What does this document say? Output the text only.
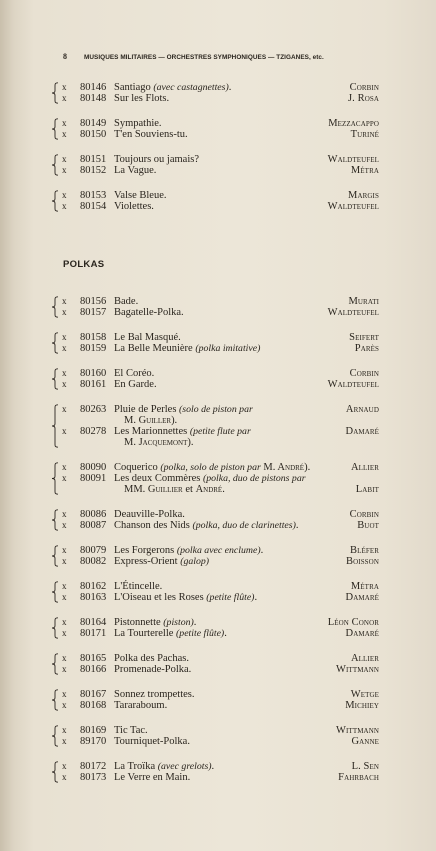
8	MUSIQUES MILITAIRES — ORCHESTRES SYMPHONIQUES — TZIGANES, etc.
x 80146 Santiago (avec castagnettes).	Corbin
x 80148 Sur les Flots.	J. Rosa
x 80149 Sympathie.	Mezzacappo
x 80150 T'en Souviens-tu.	Turiné
x 80151 Toujours ou jamais?	Waldteufel
x 80152 La Vague.	Métra
x 80153 Valse Bleue.	Margis
x 80154 Violettes.	Waldteufel
POLKAS
x 80156 Bade.	Murati
x 80157 Bagatelle-Polka.	Waldteufel
x 80158 Le Bal Masqué.	Seifert
x 80159 La Belle Meunière (polka imitative)	Parès
x 80160 El Coréo.	Corbin
x 80161 En Garde.	Waldteufel
x 80263 Pluie de Perles (solo de piston par	Arnaud
M. Guiller).
x 80278 Les Marionnettes (petite flute par	Damaré
M. Jacquemont).
x 80090 Coquerico (polka, solo de piston par M. André).	Allier
x 80091 Les deux Commères (polka, duo de pistons par
MM. Guillier et André.	Labit
x 80086 Deauville-Polka.	Corbin
x 80087 Chanson des Nids (polka, duo de clarinettes).	Buot
x 80079 Les Forgerons (polka avec enclume).	Bléfer
x 80082 Express-Orient (galop)	Boisson
x 80162 L'Étincelle.	Métra
x 80163 L'Oiseau et les Roses (petite flûte).	Damaré
x 80164 Pistonnette (piston).	Léon Conor
x 80171 La Tourterelle (petite flûte).	Damaré
x 80165 Polka des Pachas.	Allier
x 80166 Promenade-Polka.	Wittmann
x 80167 Sonnez trompettes.	Wetge
x 80168 Tararaboum.	Michiey
x 80169 Tic Tac.	Wittmann
x 89170 Tourniquet-Polka.	Ganne
x 80172 La Troïka (avec grelots).	L. Sen
x 80173 Le Verre en Main.	Fahrbach
